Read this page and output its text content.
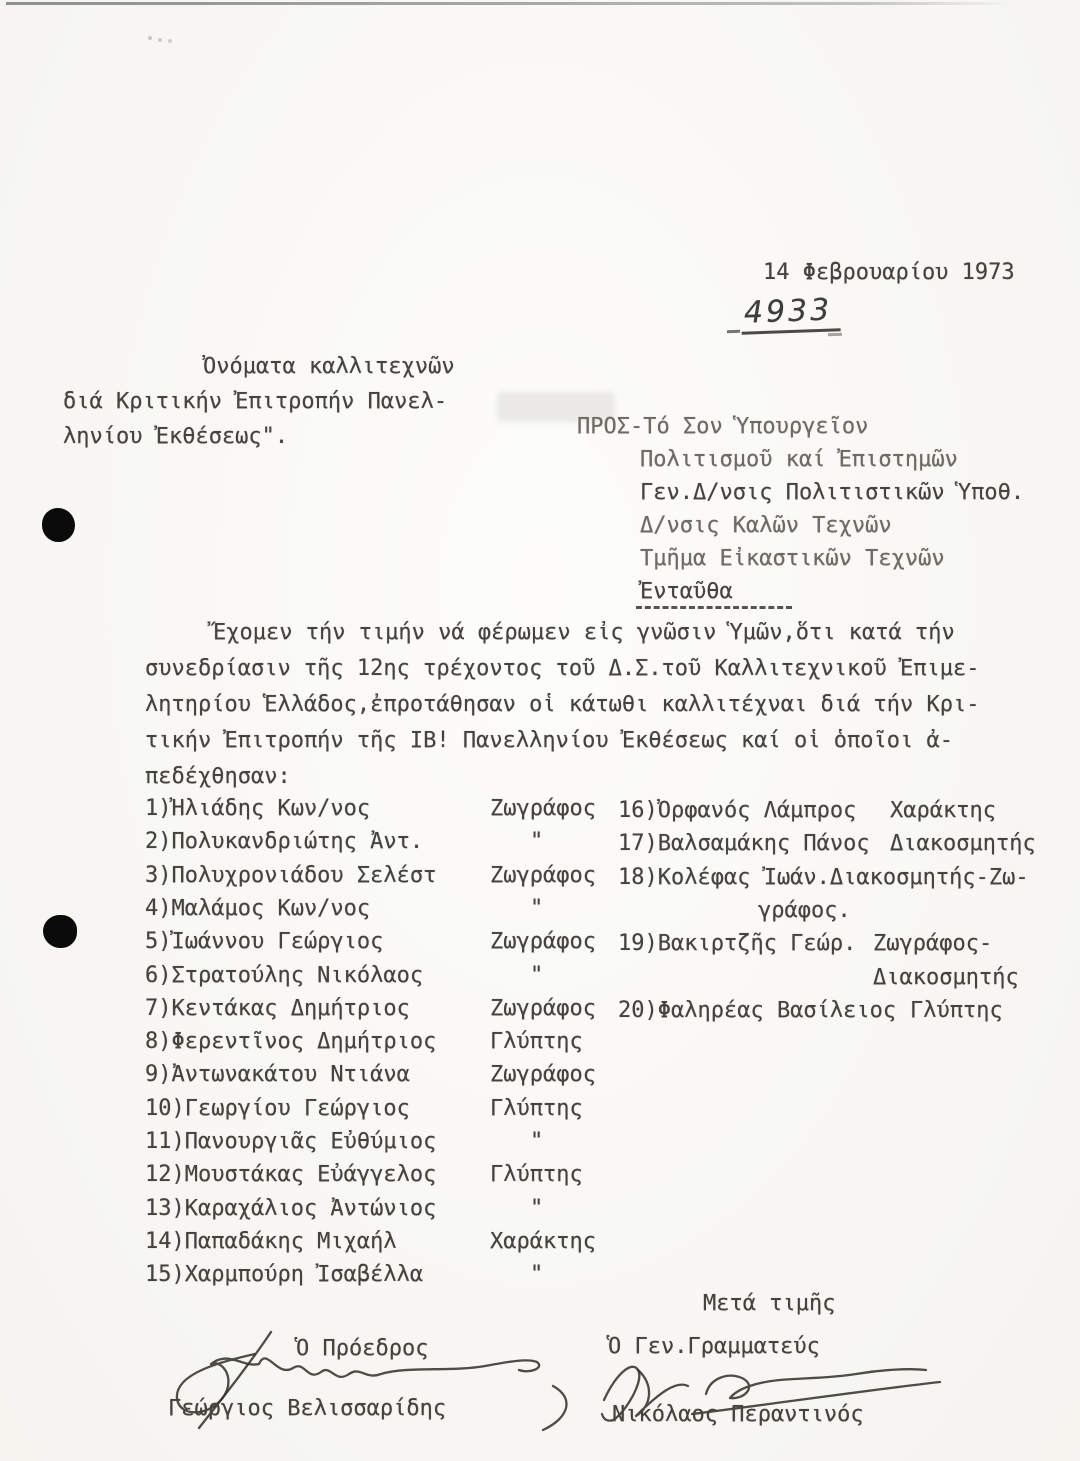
14 Φεβρουαρίου 1973
4933
Ὀνόματα καλλιτεχνῶν
διά Κριτικήν Ἐπιτροπήν Πανελ-
ληνίου Ἐκθέσεως".	ΠΡΟΣ-Τό Σον Ὑπουργεῖον
Πολιτισμοῦ καί Ἐπιστημῶν
Γεν.Δ/νσις Πολιτιστικῶν Ὑποθ.
Δ/νσις Καλῶν Τεχνῶν
Τμῆμα Εἰκαστικῶν Τεχνῶν
Ἐνταῦθα
Ἔχομεν τήν τιμήν νά φέρωμεν εἰς γνῶσιν Ὑμῶν,ὅτι κατά τήν
συνεδρίασιν τῆς 12ης τρέχοντος τοῦ Δ.Σ.τοῦ Καλλιτεχνικοῦ Ἐπιμε-
λητηρίου Ἑλλάδος,ἐπροτάθησαν οἱ κάτωθι καλλιτέχναι διά τήν Κρι-
τικήν Ἐπιτροπήν τῆς ΙΒ! Πανελληνίου Ἐκθέσεως καί οἱ ὁποῖοι ἀ-
πεδέχθησαν:
1)Ἠλιάδης Κων/νος	Ζωγράφος
2)Πολυκανδριώτης Ἀντ.	"
3)Πολυχρονιάδου Σελέστ Ζωγράφος
4)Μαλάμος Κων/νος	"
5)Ἰωάννου Γεώργιος	Ζωγράφος
6)Στρατούλης Νικόλαος	"
7)Κεντάκας Δημήτριος	Ζωγράφος
8)Φερεντῖνος Δημήτριος Γλύπτης
9)Ἀντωνακάτου Ντιάνα	Ζωγράφος
10)Γεωργίου Γεώργιος	Γλύπτης
11)Πανουργιᾶς Εὐθύμιος	"
12)Μουστάκας Εὐάγγελος Γλύπτης
13)Καραχάλιος Ἀντώνιος	"
14)Παπαδάκης Μιχαήλ	Χαράκτης
15)Χαρμπούρη Ἰσαβέλλα	"
16)Ὀρφανός Λάμπρος Χαράκτης
17)Βαλσαμάκης Πάνος Διακοσμητής
18)Κολέφας Ἰωάν.Διακοσμητής-Ζω-
γράφος.
19)Βακιρτζῆς Γεώρ. Ζωγράφος-
Διακοσμητής
20)Φαληρέας Βασίλειος Γλύπτης
Μετά τιμῆς
Ὁ Πρόεδρος
Γεώργιος Βελισσαρίδης
Ὁ Γεν.Γραμματεύς
Νικόλαος Περαντινός
